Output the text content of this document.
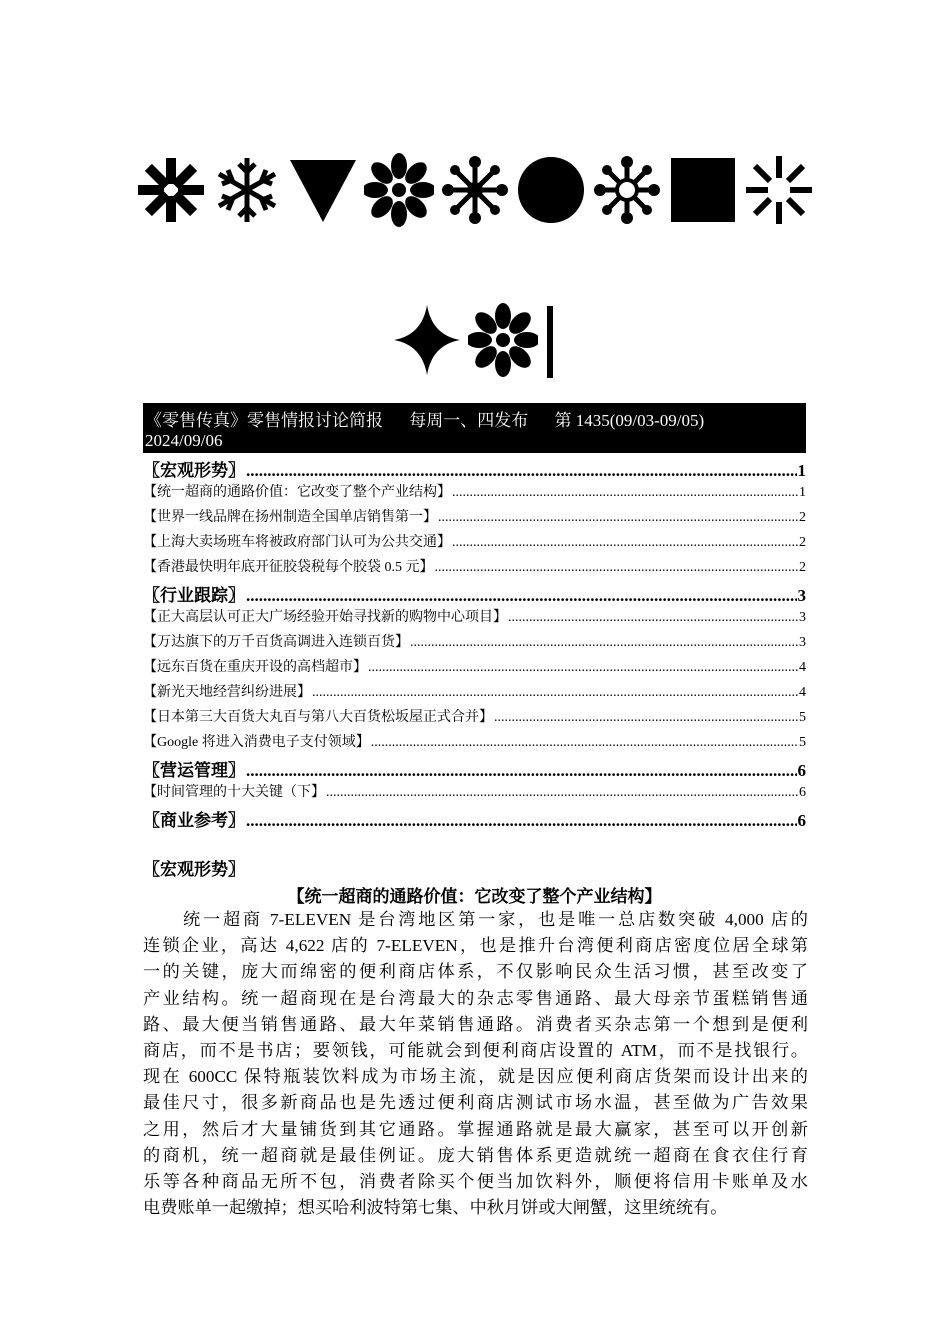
《零售传真》零售情报讨论简报 每周一、四发布 第 1435(09/03-09/05)
2024/09/06
〖宏观形势〗 .....	1
【统一超商的通路价值：它改变了整个产业结构】 .....	1
【世界一线品牌在扬州制造全国单店销售第一】 .....	2
【上海大卖场班车将被政府部门认可为公共交通】 .....	2
【香港最快明年底开征胶袋税每个胶袋 0.5 元】 .....	2
〖行业跟踪〗 .....	3
【正大高层认可正大广场经验开始寻找新的购物中心项目】 .....	3
【万达旗下的万千百货高调进入连锁百货】 .....	3
【远东百货在重庆开设的高档超市】 .....	4
【新光天地经营纠纷进展】 .....	4
【日本第三大百货大丸百与第八大百货松坂屋正式合并】 .....	5
【Google 将进入消费电子支付领域】 .....	5
〖营运管理〗 .....	6
【时间管理的十大关键（下】 .....	6
〖商业参考〗 .....	6
〖宏观形势〗
【统一超商的通路价值：它改变了整个产业结构】
　　统一超商 7-ELEVEN 是台湾地区第一家，也是唯一总店数突破 4,000 店的
连锁企业，高达 4,622 店的 7-ELEVEN，也是推升台湾便利商店密度位居全球第
一的关键，庞大而绵密的便利商店体系，不仅影响民众生活习惯，甚至改变了
产业结构。统一超商现在是台湾最大的杂志零售通路、最大母亲节蛋糕销售通
路、最大便当销售通路、最大年菜销售通路。消费者买杂志第一个想到是便利
商店，而不是书店；要领钱，可能就会到便利商店设置的 ATM，而不是找银行。
现在 600CC 保特瓶装饮料成为市场主流，就是因应便利商店货架而设计出来的
最佳尺寸，很多新商品也是先透过便利商店测试市场水温，甚至做为广告效果
之用，然后才大量铺货到其它通路。掌握通路就是最大赢家，甚至可以开创新
的商机，统一超商就是最佳例证。庞大销售体系更造就统一超商在食衣住行育
乐等各种商品无所不包，消费者除买个便当加饮料外，顺便将信用卡账单及水
电费账单一起缴掉；想买哈利波特第七集、中秋月饼或大闸蟹，这里统统有。
